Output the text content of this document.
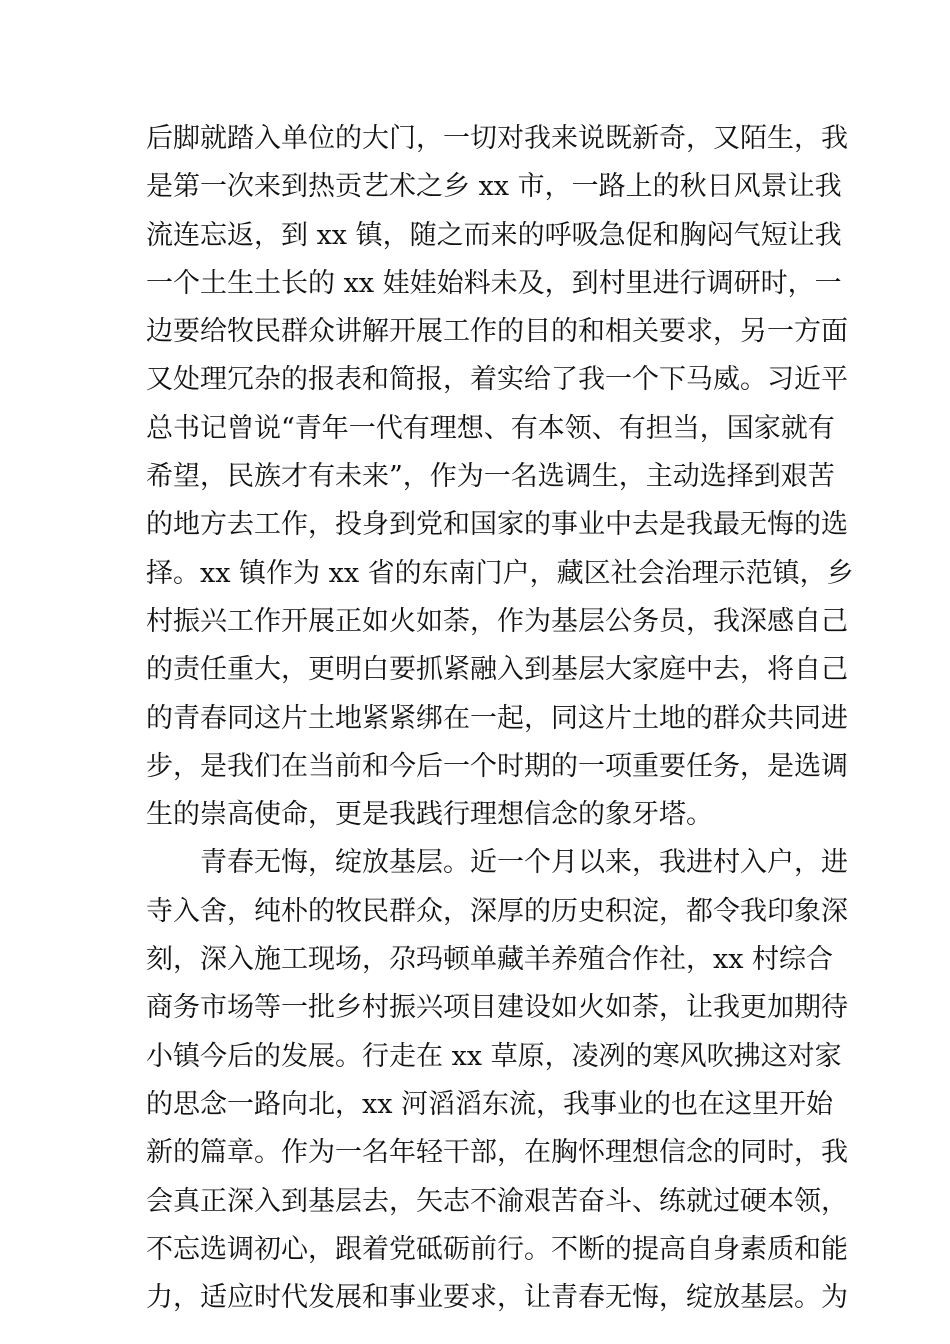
后脚就踏入单位的大门，一切对我来说既新奇，又陌生，我
是第一次来到热贡艺术之乡 xx 市，一路上的秋日风景让我
流连忘返，到 xx 镇，随之而来的呼吸急促和胸闷气短让我
一个土生土长的 xx 娃娃始料未及，到村里进行调研时，一
边要给牧民群众讲解开展工作的目的和相关要求，另一方面
又处理冗杂的报表和简报，着实给了我一个下马威。习近平
总书记曾说“青年一代有理想、有本领、有担当，国家就有
希望，民族才有未来”，作为一名选调生，主动选择到艰苦
的地方去工作，投身到党和国家的事业中去是我最无悔的选
择。xx 镇作为 xx 省的东南门户，藏区社会治理示范镇，乡
村振兴工作开展正如火如荼，作为基层公务员，我深感自己
的责任重大，更明白要抓紧融入到基层大家庭中去，将自己
的青春同这片土地紧紧绑在一起，同这片土地的群众共同进
步，是我们在当前和今后一个时期的一项重要任务，是选调
生的崇高使命，更是我践行理想信念的象牙塔。
青春无悔，绽放基层。近一个月以来，我进村入户，进
寺入舍，纯朴的牧民群众，深厚的历史积淀，都令我印象深
刻，深入施工现场，尕玛顿单藏羊养殖合作社，xx 村综合
商务市场等一批乡村振兴项目建设如火如荼，让我更加期待
小镇今后的发展。行走在 xx 草原，凌冽的寒风吹拂这对家
的思念一路向北，xx 河滔滔东流，我事业的也在这里开始
新的篇章。作为一名年轻干部，在胸怀理想信念的同时，我
会真正深入到基层去，矢志不渝艰苦奋斗、练就过硬本领，
不忘选调初心，跟着党砥砺前行。不断的提高自身素质和能
力，适应时代发展和事业要求，让青春无悔，绽放基层。为
